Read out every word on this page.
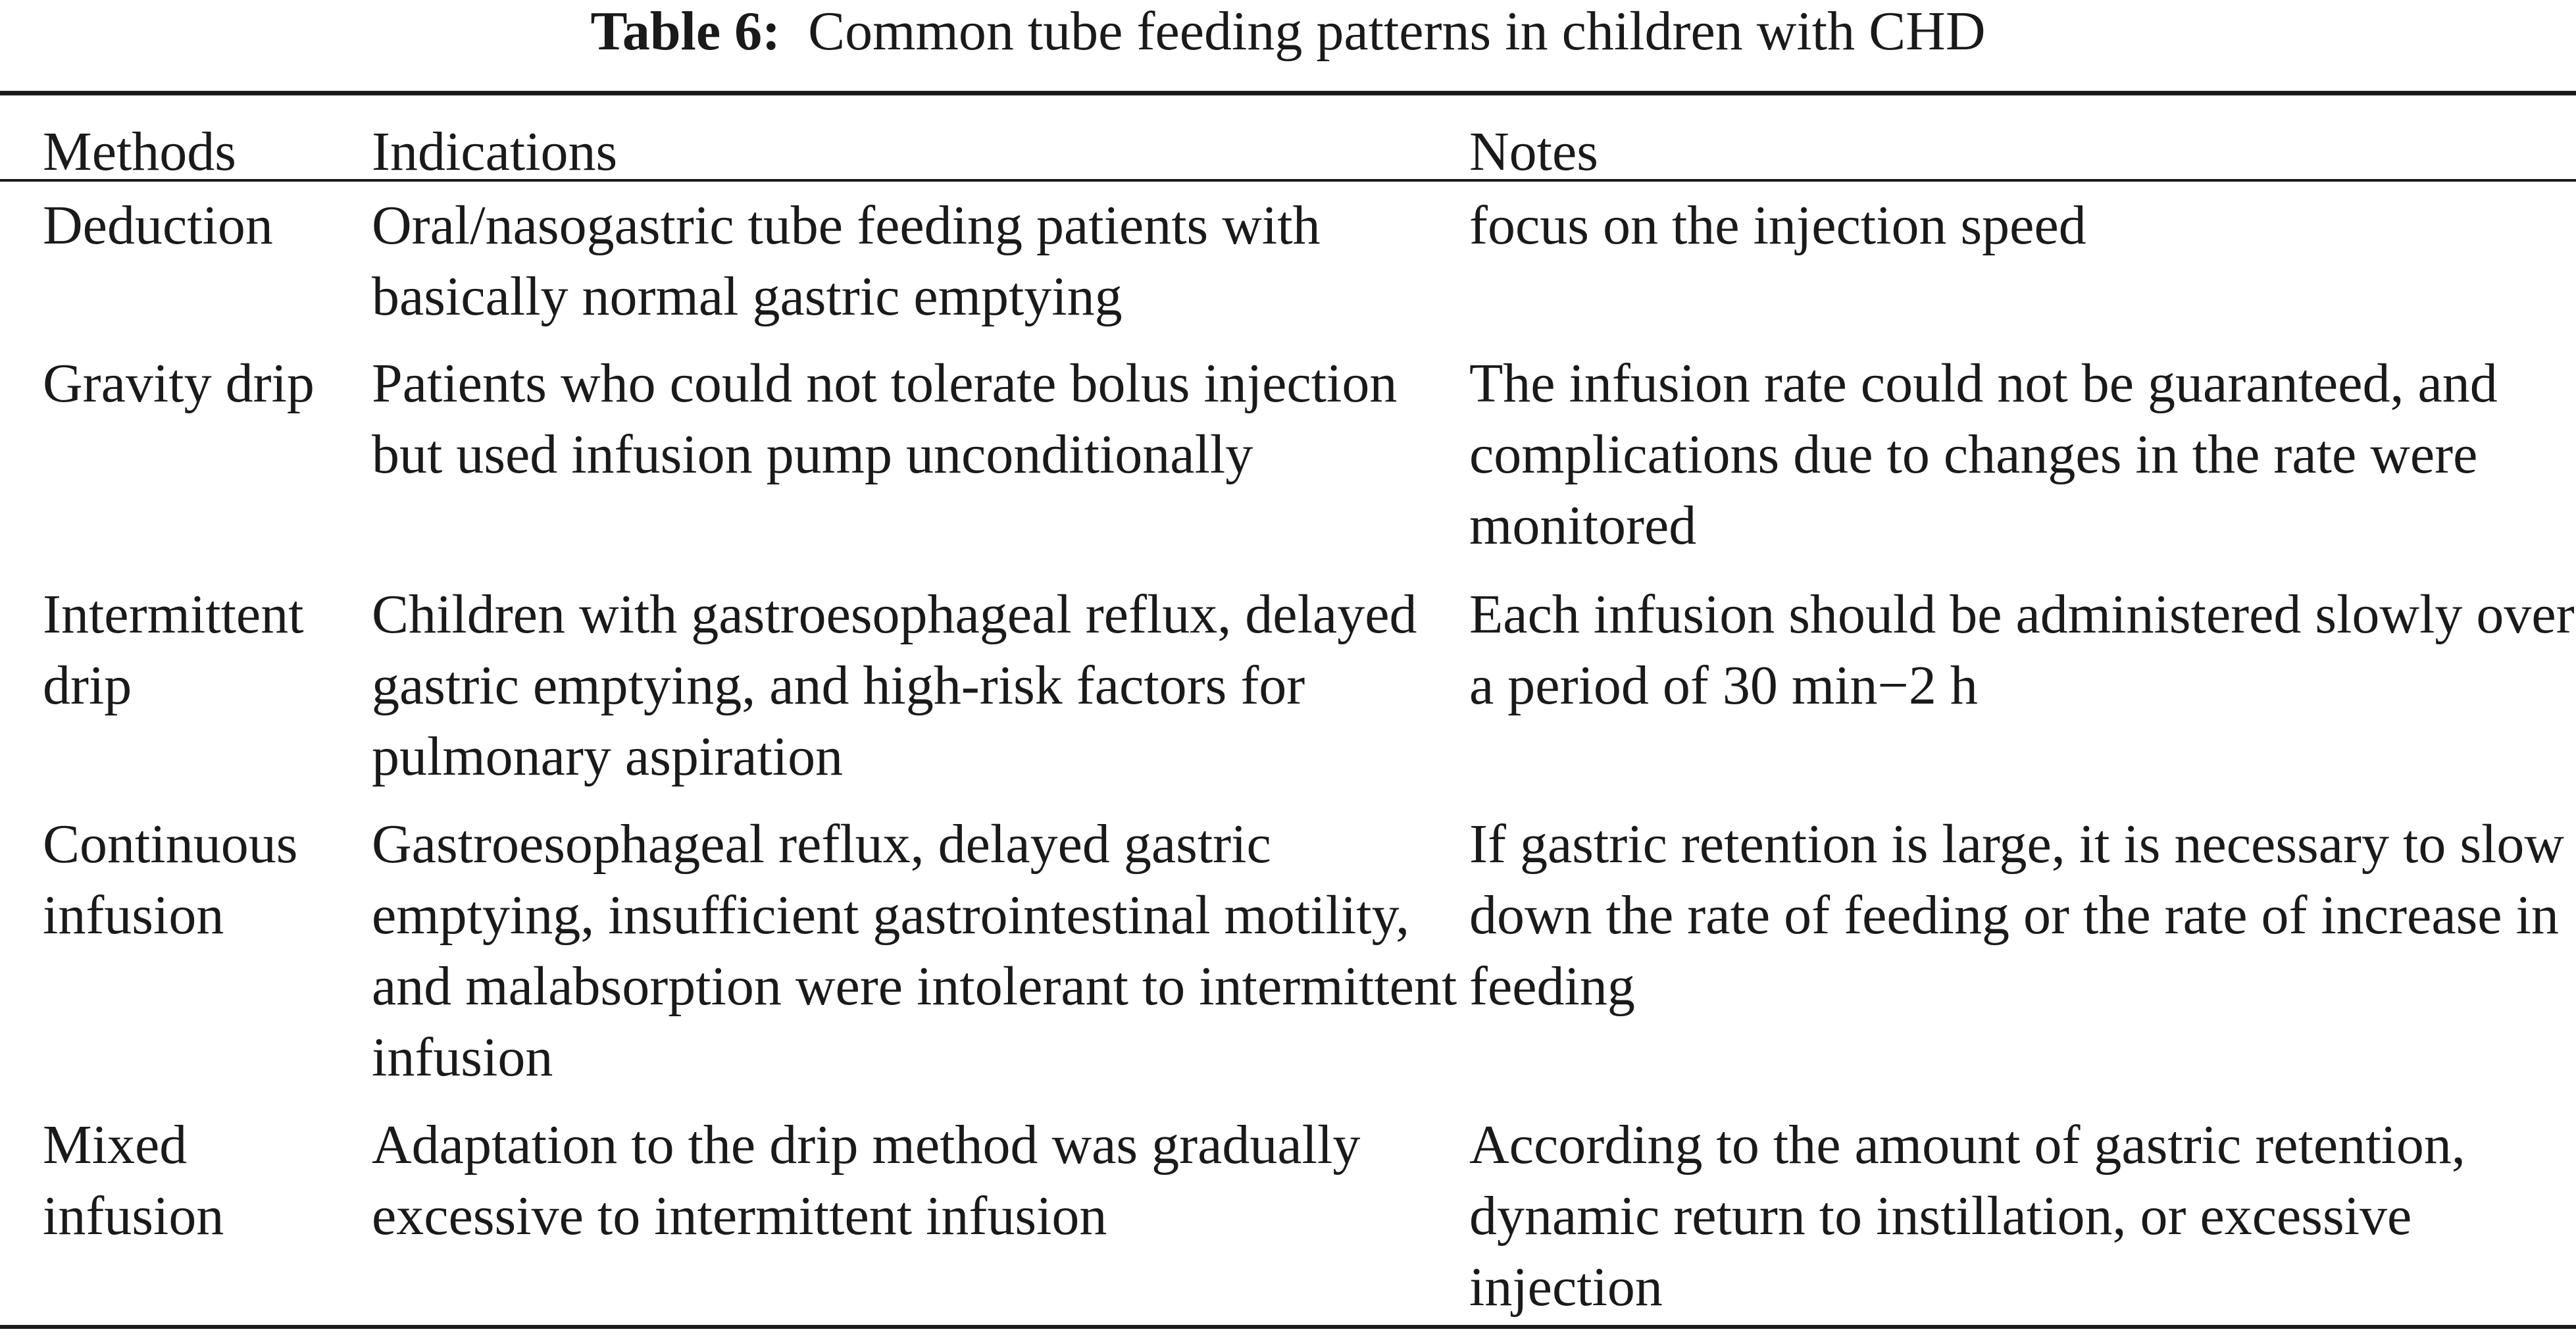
Table 6: Common tube feeding patterns in children with CHD
Methods	Indications	Notes
Deduction	Oral/nasogastric tube feeding patients with basically normal gastric emptying	focus on the injection speed
Gravity drip	Patients who could not tolerate bolus injection but used infusion pump unconditionally	The infusion rate could not be guaranteed, and complications due to changes in the rate were monitored
Intermittent drip	Children with gastroesophageal reflux, delayed gastric emptying, and high-risk factors for pulmonary aspiration	Each infusion should be administered slowly over a period of 30 min−2 h
Continuous infusion	Gastroesophageal reflux, delayed gastric emptying, insufficient gastrointestinal motility, and malabsorption were intolerant to intermittent infusion	If gastric retention is large, it is necessary to slow down the rate of feeding or the rate of increase in feeding
Mixed infusion	Adaptation to the drip method was gradually excessive to intermittent infusion	According to the amount of gastric retention, dynamic return to instillation, or excessive injection
